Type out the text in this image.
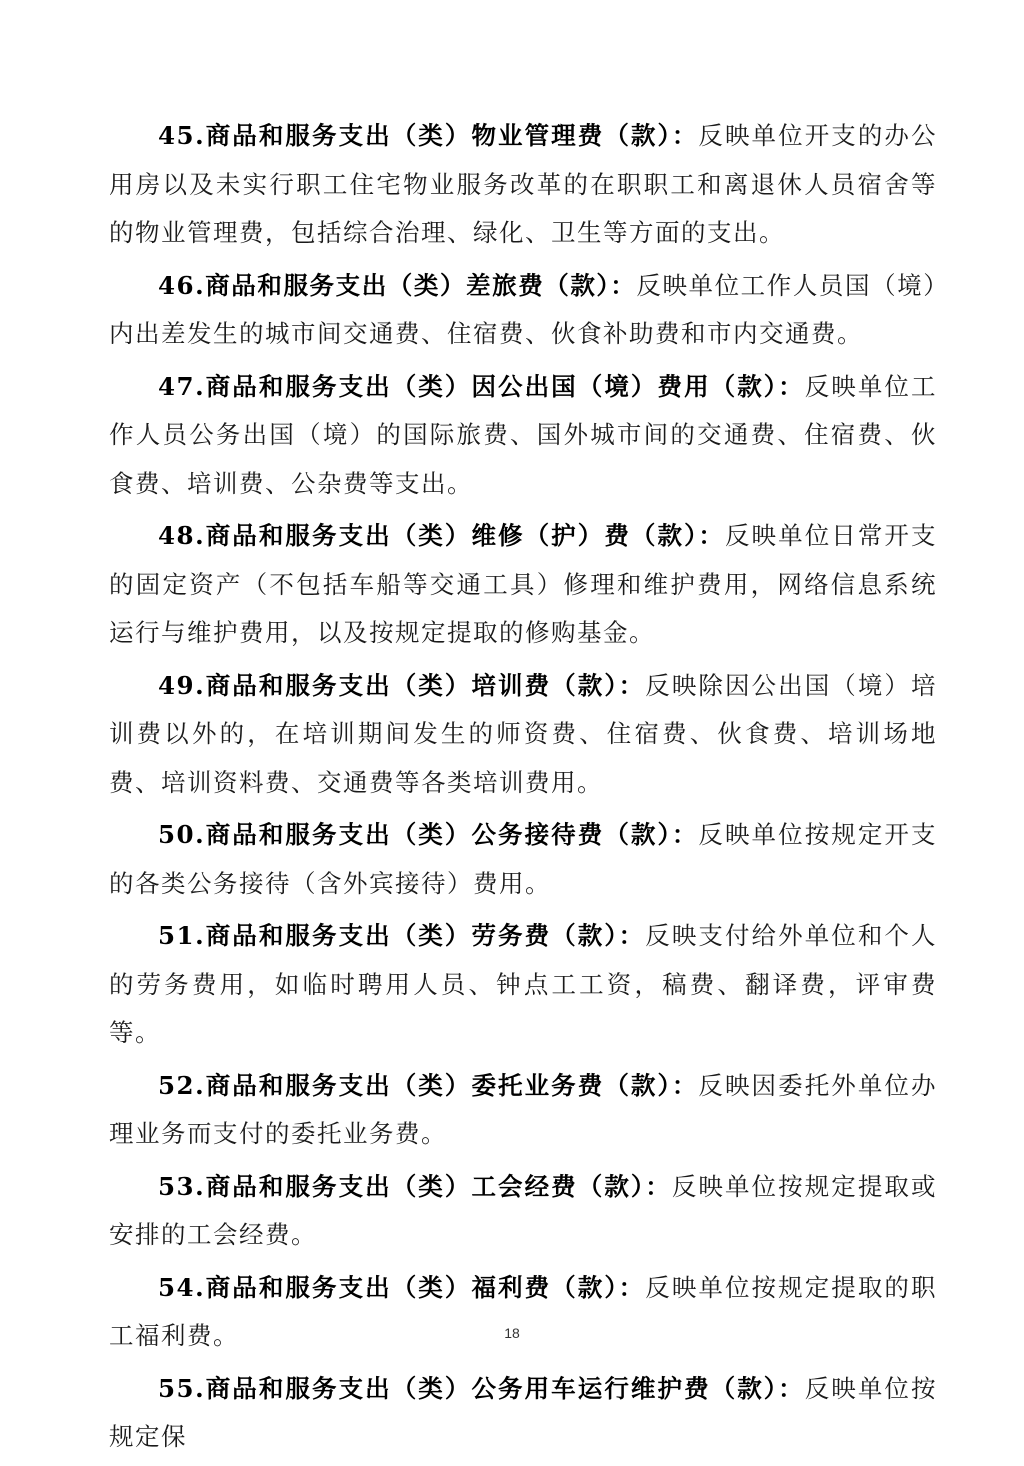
45.商品和服务支出（类）物业管理费（款）：反映单位开支的办公用房以及未实行职工住宅物业服务改革的在职职工和离退休人员宿舍等的物业管理费，包括综合治理、绿化、卫生等方面的支出。

46.商品和服务支出（类）差旅费（款）：反映单位工作人员国（境）内出差发生的城市间交通费、住宿费、伙食补助费和市内交通费。

47.商品和服务支出（类）因公出国（境）费用（款）：反映单位工作人员公务出国（境）的国际旅费、国外城市间的交通费、住宿费、伙食费、培训费、公杂费等支出。

48.商品和服务支出（类）维修（护）费（款）：反映单位日常开支的固定资产（不包括车船等交通工具）修理和维护费用，网络信息系统运行与维护费用，以及按规定提取的修购基金。

49.商品和服务支出（类）培训费（款）：反映除因公出国（境）培训费以外的，在培训期间发生的师资费、住宿费、伙食费、培训场地费、培训资料费、交通费等各类培训费用。

50.商品和服务支出（类）公务接待费（款）：反映单位按规定开支的各类公务接待（含外宾接待）费用。

51.商品和服务支出（类）劳务费（款）：反映支付给外单位和个人的劳务费用，如临时聘用人员、钟点工工资，稿费、翻译费，评审费等。

52.商品和服务支出（类）委托业务费（款）：反映因委托外单位办理业务而支付的委托业务费。

53.商品和服务支出（类）工会经费（款）：反映单位按规定提取或安排的工会经费。

54.商品和服务支出（类）福利费（款）：反映单位按规定提取的职工福利费。

55.商品和服务支出（类）公务用车运行维护费（款）：反映单位按规定保

18
